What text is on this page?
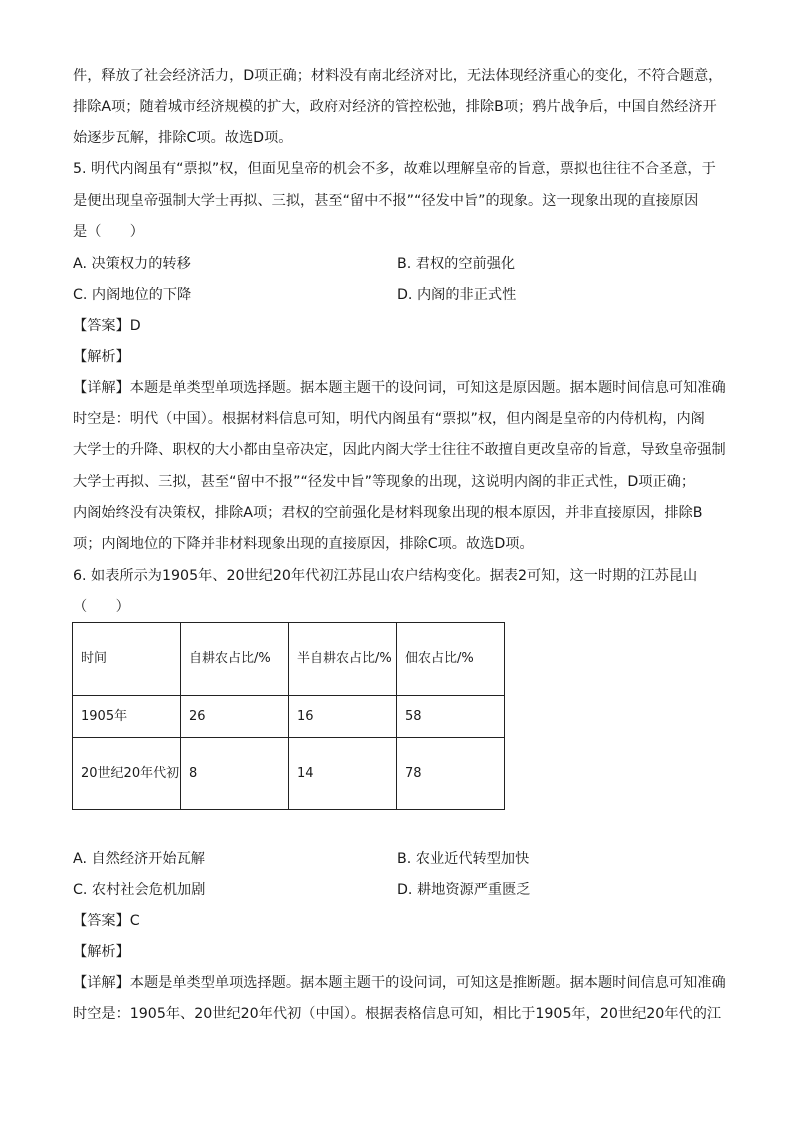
件，释放了社会经济活力，D项正确；材料没有南北经济对比，无法体现经济重心的变化，不符合题意，
排除A项；随着城市经济规模的扩大，政府对经济的管控松弛，排除B项；鸦片战争后，中国自然经济开
始逐步瓦解，排除C项。故选D项。
5. 明代内阁虽有“票拟”权，但面见皇帝的机会不多，故难以理解皇帝的旨意，票拟也往往不合圣意，于
是便出现皇帝强制大学士再拟、三拟，甚至“留中不报”“径发中旨”的现象。这一现象出现的直接原因
是（　　）
A. 决策权力的转移	B. 君权的空前强化
C. 内阁地位的下降	D. 内阁的非正式性
【答案】D
【解析】
【详解】本题是单类型单项选择题。据本题主题干的设问词，可知这是原因题。据本题时间信息可知准确
时空是：明代（中国）。根据材料信息可知，明代内阁虽有“票拟”权，但内阁是皇帝的内侍机构，内阁
大学士的升降、职权的大小都由皇帝决定，因此内阁大学士往往不敢擅自更改皇帝的旨意，导致皇帝强制
大学士再拟、三拟，甚至“留中不报”“径发中旨”等现象的出现，这说明内阁的非正式性，D项正确；
内阁始终没有决策权，排除A项；君权的空前强化是材料现象出现的根本原因，并非直接原因，排除B
项；内阁地位的下降并非材料现象出现的直接原因，排除C项。故选D项。
6. 如表所示为1905年、20世纪20年代初江苏昆山农户结构变化。据表2可知，这一时期的江苏昆山
（　　）
时间	自耕农占比/%	半自耕农占比/%	佃农占比/%
1905年	26	16	58
20世纪20年代初	8	14	78
A. 自然经济开始瓦解	B. 农业近代转型加快
C. 农村社会危机加剧	D. 耕地资源严重匮乏
【答案】C
【解析】
【详解】本题是单类型单项选择题。据本题主题干的设问词，可知这是推断题。据本题时间信息可知准确
时空是：1905年、20世纪20年代初（中国）。根据表格信息可知，相比于1905年，20世纪20年代的江
